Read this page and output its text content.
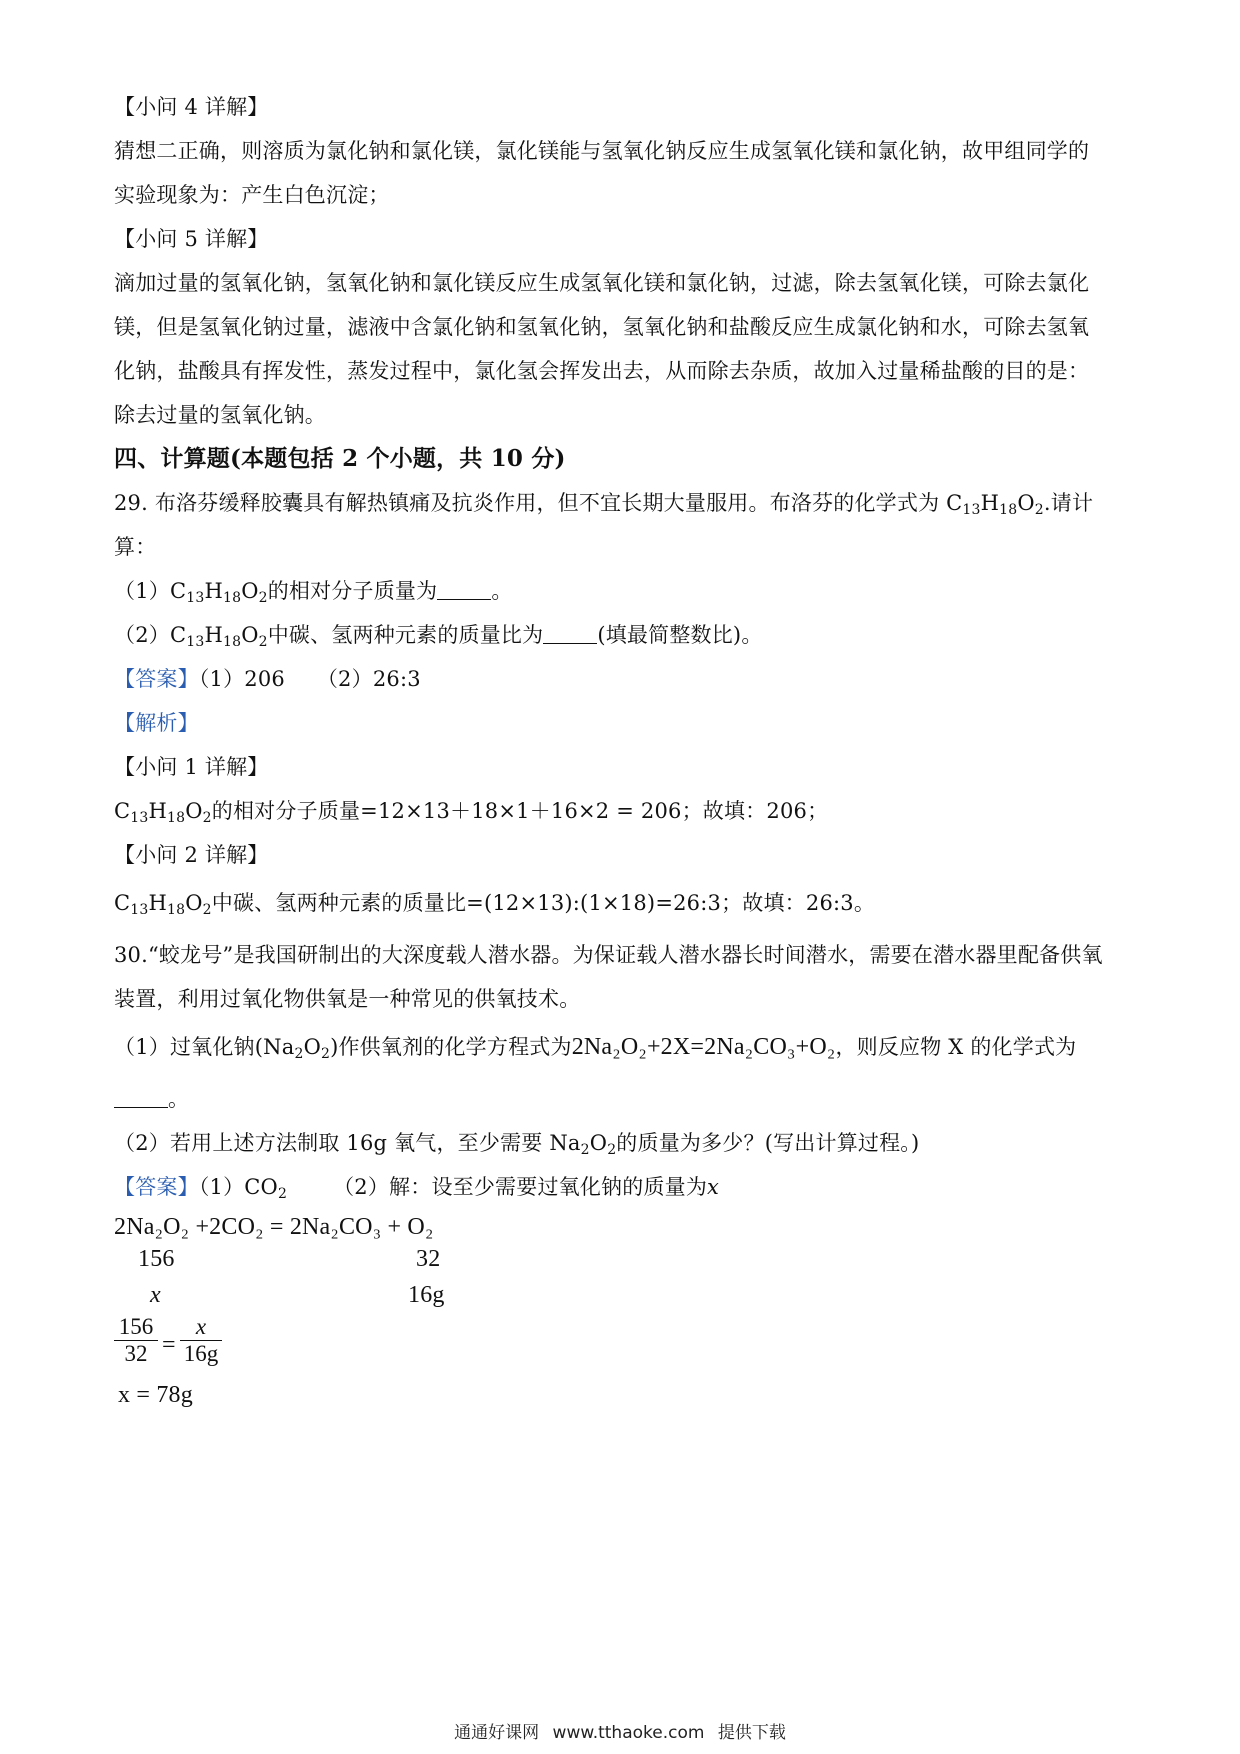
【小问 4 详解】
猜想二正确，则溶质为氯化钠和氯化镁，氯化镁能与氢氧化钠反应生成氢氧化镁和氯化钠，故甲组同学的
实验现象为：产生白色沉淀；
【小问 5 详解】
滴加过量的氢氧化钠，氢氧化钠和氯化镁反应生成氢氧化镁和氯化钠，过滤，除去氢氧化镁，可除去氯化
镁，但是氢氧化钠过量，滤液中含氯化钠和氢氧化钠，氢氧化钠和盐酸反应生成氯化钠和水，可除去氢氧
化钠，盐酸具有挥发性，蒸发过程中，氯化氢会挥发出去，从而除去杂质，故加入过量稀盐酸的目的是：
除去过量的氢氧化钠。
四、计算题(本题包括 2 个小题，共 10 分)
29. 布洛芬缓释胶囊具有解热镇痛及抗炎作用，但不宜长期大量服用。布洛芬的化学式为 $C_{13}H_{18}O_2$.请计
算：
$(1)C_{13}H_{18}O_2$的相对分子质量为	。
$(2)C_{13}H_{18}O_2$中碳、氢两种元素的质量比为	(填最简整数比)。
【答案】（1）206　　（2）26:3
【解析】
【小问 1 详解】
$C_{13}H_{18}O_2$的相对分子质量=12×13＋18×1＋16×2 = 206；故填：206；
【小问 2 详解】
$C_{13}H_{18}O_2$中碳、氢两种元素的质量比=(12×13):(1×18)=26:3；故填：26:3。
30.“蛟龙号”是我国研制出的大深度载人潜水器。为保证载人潜水器长时间潜水，需要在潜水器里配备供氧
装置，利用过氧化物供氧是一种常见的供氧技术。
（1）过氧化钠$(Na_2O_2)$作供氧剂的化学方程式为2Na₂O₂+2X=2Na₂CO₃+O₂，则反应物 X 的化学式为
。
（2）若用上述方法制取 16g 氧气，至少需要 $Na_2O_2$的质量为多少？(写出计算过程。)
【答案】$(1)CO_2$ （2）解：设至少需要过氧化钠的质量为x
2Na₂O₂ +2CO₂ = 2Na₂CO₃ + O₂
156	32
x	16g
156
32 =
x
16g
x = 78g
通通好课网 www.tthaoke.com 提供下载
